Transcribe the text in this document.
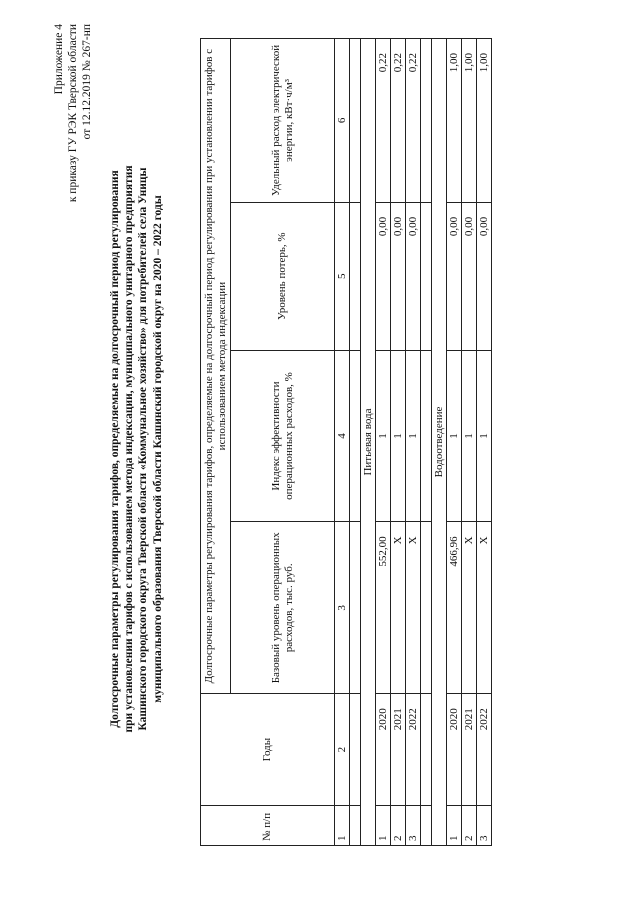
Приложение 4 к приказу ГУ РЭК Тверской области от 12.12.2019 № 267-нп
Долгосрочные параметры регулирования тарифов, определяемые на долгосрочный период регулирования при установлении тарифов с использованием метода индексации, муниципального унитарного предприятия Кашинского городского округа Тверской области «Коммунальное хозяйство» для потребителей села Уницы муниципального образования Тверской области Кашинский городской округ на 2020 – 2022 годы
№ п/п	Годы	Долгосрочные параметры регулирования тарифов, определяемые на долгосрочный период регулирования при установлении тарифов с использованием метода индексации			
		Базовый уровень операционных расходов, тыс. руб.	Индекс эффективности операционных расходов, %	Уровень потерь, %	Удельный расход электрической энергии, кВт·ч/м³
1	2	3	4	5	6

Питьевая вода					
1	2020	552,00	1	0,00	0,22
2	2021	Х	1	0,00	0,22
3	2022	Х	1	0,00	0,22

Водоотведение					
1	2020	466,96	1	0,00	1,00
2	2021	Х	1	0,00	1,00
3	2022	Х	1	0,00	1,00
